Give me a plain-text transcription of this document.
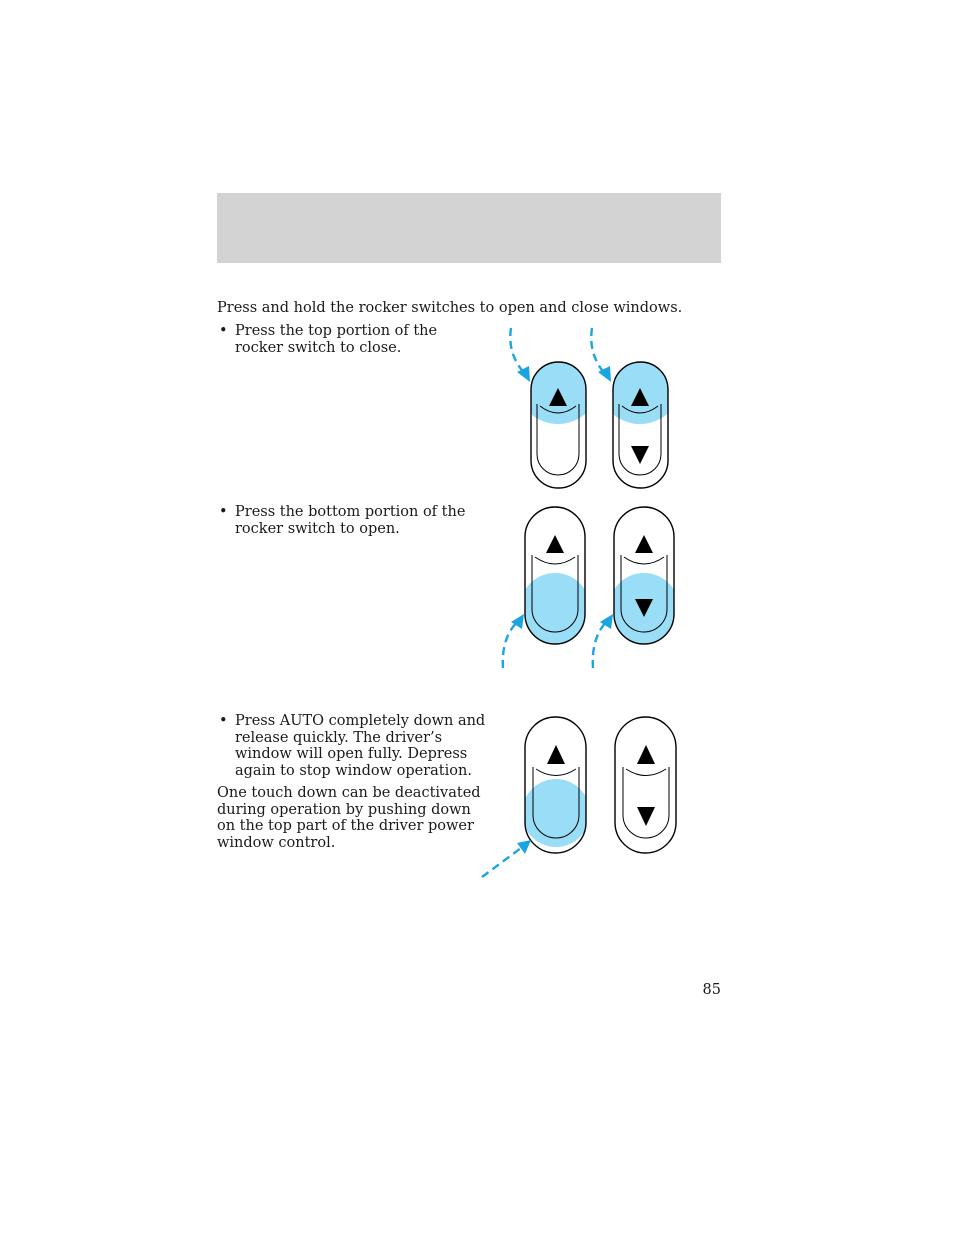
Press and hold the rocker switches to open and close windows.
• Press the top portion of the
rocker switch to close.
• Press the bottom portion of the
rocker switch to open.
• Press AUTO completely down and
release quickly. The driver’s
window will open fully. Depress
again to stop window operation.
One touch down can be deactivated
during operation by pushing down
on the top part of the driver power
window control.
85
